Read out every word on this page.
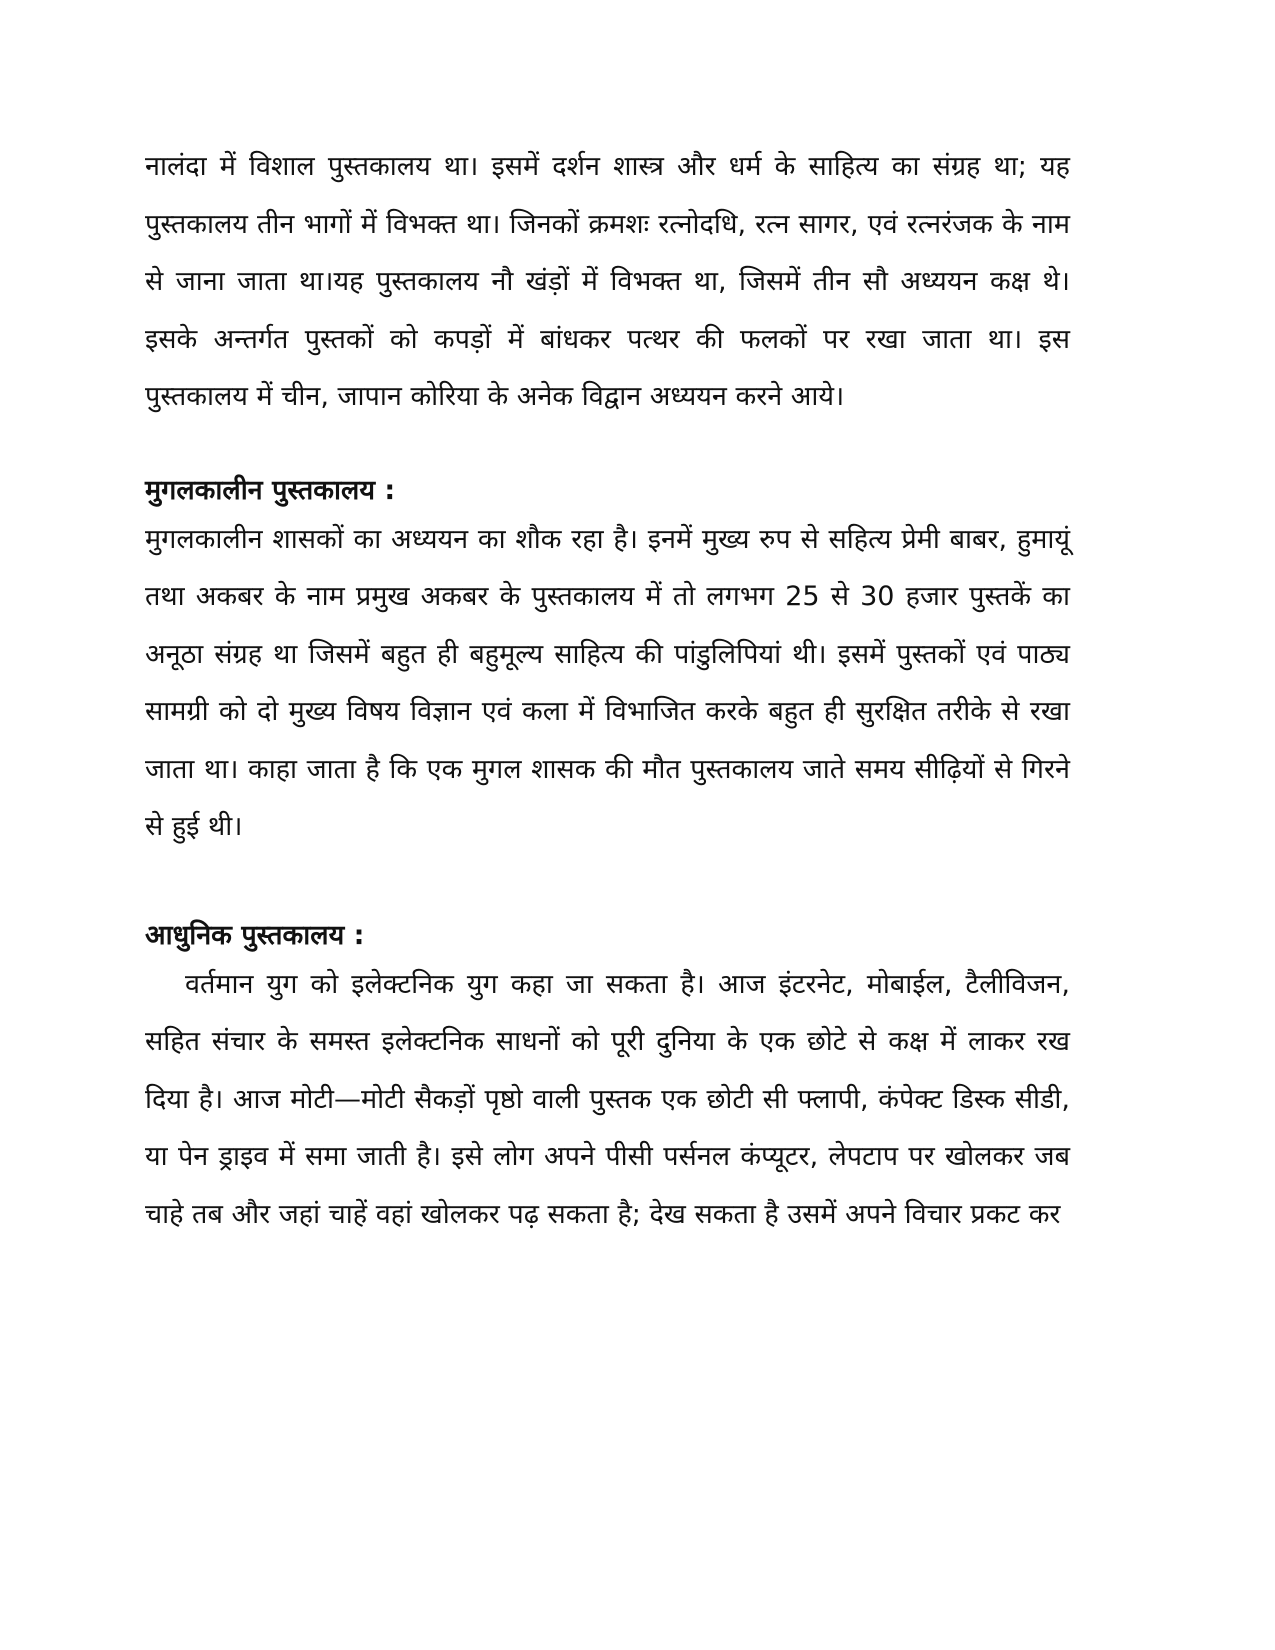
नालंदा में विशाल पुस्तकालय था। इसमें दर्शन शास्त्र और धर्म के साहित्य का संग्रह था; यह पुस्तकालय तीन भागों में विभक्त था। जिनकों क्रमशः रत्नोदधि, रत्न सागर, एवं रत्नरंजक के नाम से जाना जाता था।यह पुस्तकालय नौ खंड़ों में विभक्त था, जिसमें तीन सौ अध्ययन कक्ष थे। इसके अन्तर्गत पुस्तकों को कपड़ों में बांधकर पत्थर की फलकों पर रखा जाता था। इस पुस्तकालय में चीन, जापान कोरिया के अनेक विद्वान अध्ययन करने आये।

मुगलकालीन पुस्तकालय :

मुगलकालीन शासकों का अध्ययन का शौक रहा है। इनमें मुख्य रुप से सहित्य प्रेमी बाबर, हुमायूं तथा अकबर के नाम प्रमुख अकबर के पुस्तकालय में तो लगभग 25 से 30 हजार पुस्तकें का अनूठा संग्रह था जिसमें बहुत ही बहुमूल्य साहित्य की पांडुलिपियां थी। इसमें पुस्तकों एवं पाठ्य सामग्री को दो मुख्य विषय विज्ञान एवं कला में विभाजित करके बहुत ही सुरक्षित तरीके से रखा जाता था। काहा जाता है कि एक मुगल शासक की मौत पुस्तकालय जाते समय सीढ़ियों से गिरने से हुई थी।

आधुनिक पुस्तकालय :

वर्तमान युग को इलेक्टनिक युग कहा जा सकता है। आज इंटरनेट, मोबाईल, टैलीविजन, सहित संचार के समस्त इलेक्टनिक साधनों को पूरी दुनिया के एक छोटे से कक्ष में लाकर रख दिया है। आज मोटी—मोटी सैकड़ों पृष्ठो वाली पुस्तक एक छोटी सी फ्लापी, कंपेक्ट डिस्क सीडी, या पेन ड्राइव में समा जाती है। इसे लोग अपने पीसी पर्सनल कंप्यूटर, लेपटाप पर खोलकर जब चाहे तब और जहां चाहें वहां खोलकर पढ़ सकता है; देख सकता है उसमें अपने विचार प्रकट कर
